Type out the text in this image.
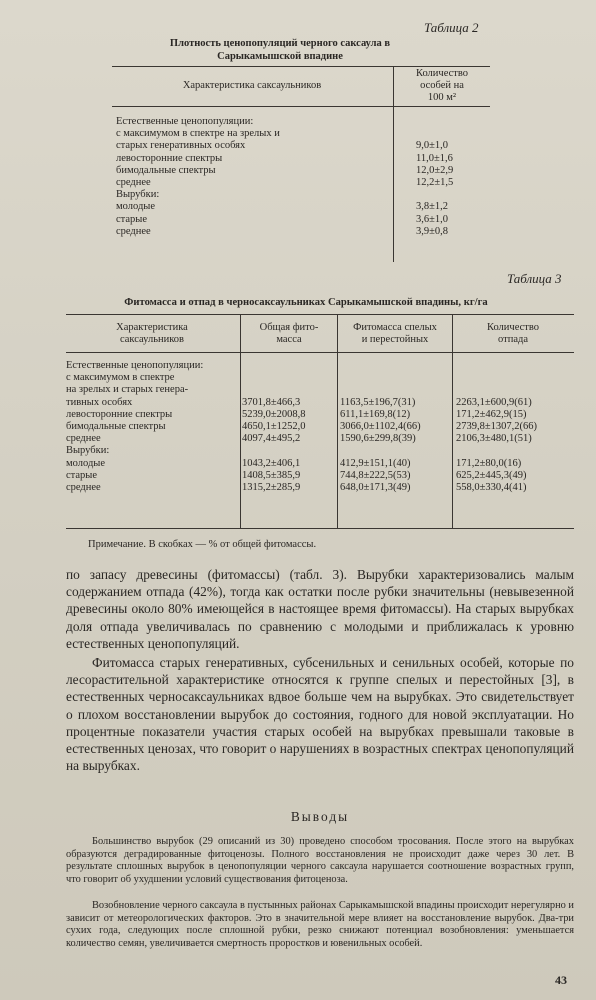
Таблица 2
Плотность ценопопуляций черного саксаула в
Сарыкамышской впадине
Характеристика саксаульников
Количество
особей на
100 м²
Естественные ценопопуляции:
с максимумом в спектре на зрелых и
старых генеративных особях
левосторонние спектры
бимодальные спектры
среднее
Вырубки:
молодые
старые
среднее
9,0±1,0
11,0±1,6
12,0±2,9
12,2±1,5
3,8±1,2
3,6±1,0
3,9±0,8
Таблица 3
Фитомасса и отпад в черносаксаульниках Сарыкамышской впадины, кг/га
Характеристика
саксаульников
Общая фито-
масса
Фитомасса спелых
и перестойных
Количество
отпада
Естественные ценопопуляции:
с максимумом в спектре
на зрелых и старых генера-
тивных особях
левосторонние спектры
бимодальные спектры
среднее
Вырубки:
молодые
старые
среднее
3701,8±466,3
5239,0±2008,8
4650,1±1252,0
4097,4±495,2
1043,2±406,1
1408,5±385,9
1315,2±285,9
1163,5±196,7(31)
611,1±169,8(12)
3066,0±1102,4(66)
1590,6±299,8(39)
412,9±151,1(40)
744,8±222,5(53)
648,0±171,3(49)
2263,1±600,9(61)
171,2±462,9(15)
2739,8±1307,2(66)
2106,3±480,1(51)
171,2±80,0(16)
625,2±445,3(49)
558,0±330,4(41)
Примечание. В скобках — % от общей фитомассы.
по запасу древесины (фитомассы) (табл. 3). Вырубки характеризовались малым содержанием отпада (42%), тогда как остатки после рубки значительны (невывезенной древесины около 80% имеющейся в настоящее время фитомассы). На старых вырубках доля отпада увеличивалась по сравнению с молодыми и приближалась к уровню естественных ценопопуляций.
Фитомасса старых генеративных, субсенильных и сенильных особей, которые по лесорастительной характеристике относятся к группе спелых и перестойных [3], в естественных черносаксаульниках вдвое больше чем на вырубках. Это свидетельствует о плохом восстановлении вырубок до состояния, годного для новой эксплуатации. Но процентные показатели участия старых особей на вырубках превышали таковые в естественных ценозах, что говорит о нарушениях в возрастных спектрах ценопопуляций на вырубках.
Выводы
Большинство вырубок (29 описаний из 30) проведено способом тросования. После этого на вырубках образуются деградированные фитоценозы. Полного восстановления не происходит даже через 30 лет. В результате сплошных вырубок в ценопопуляции черного саксаула нарушается соотношение возрастных групп, что говорит об ухудшении условий существования фитоценоза.
Возобновление черного саксаула в пустынных районах Сарыкамышской впадины происходит нерегулярно и зависит от метеорологических факторов. Это в значительной мере влияет на восстановление вырубок. Два-три сухих года, следующих после сплошной рубки, резко снижают потенциал возобновления: уменьшается количество семян, увеличивается смертность проростков и ювенильных особей.
43
